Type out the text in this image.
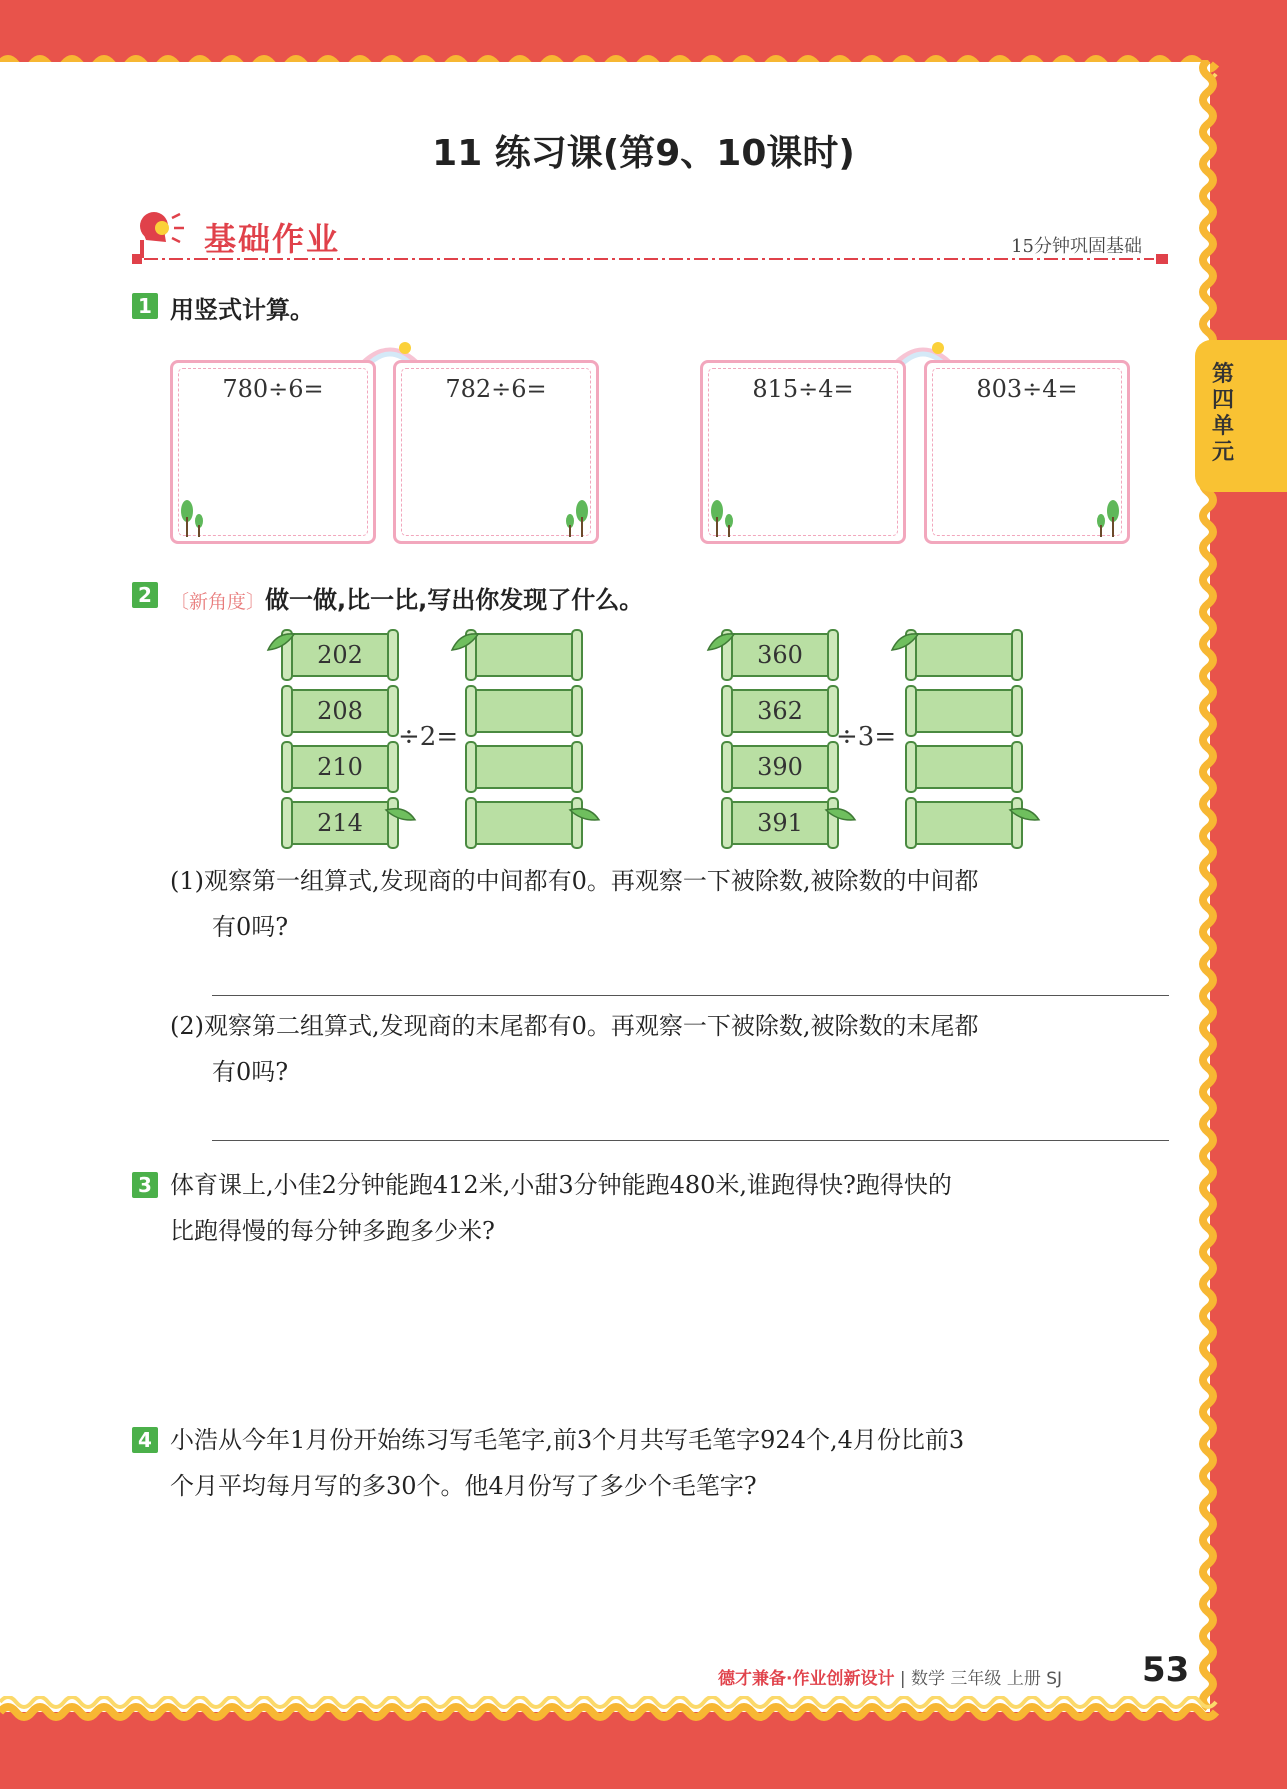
第四单元
11 练习课(第9、10课时)
基础作业	15分钟巩固基础
1 用竖式计算。
780÷6=	782÷6=	815÷4=	803÷4=
2 〔新角度〕做一做,比一比,写出你发现了什么。
202
208
210
214
÷2=
360
362
390
391
÷3=
(1)观察第一组算式,发现商的中间都有0。再观察一下被除数,被除数的中间都
有0吗?
(2)观察第二组算式,发现商的末尾都有0。再观察一下被除数,被除数的末尾都
有0吗?
3 体育课上,小佳2分钟能跑412米,小甜3分钟能跑480米,谁跑得快?跑得快的
比跑得慢的每分钟多跑多少米?
4 小浩从今年1月份开始练习写毛笔字,前3个月共写毛笔字924个,4月份比前3
个月平均每月写的多30个。他4月份写了多少个毛笔字?
德才兼备·作业创新设计 | 数学 三年级 上册 SJ 53
